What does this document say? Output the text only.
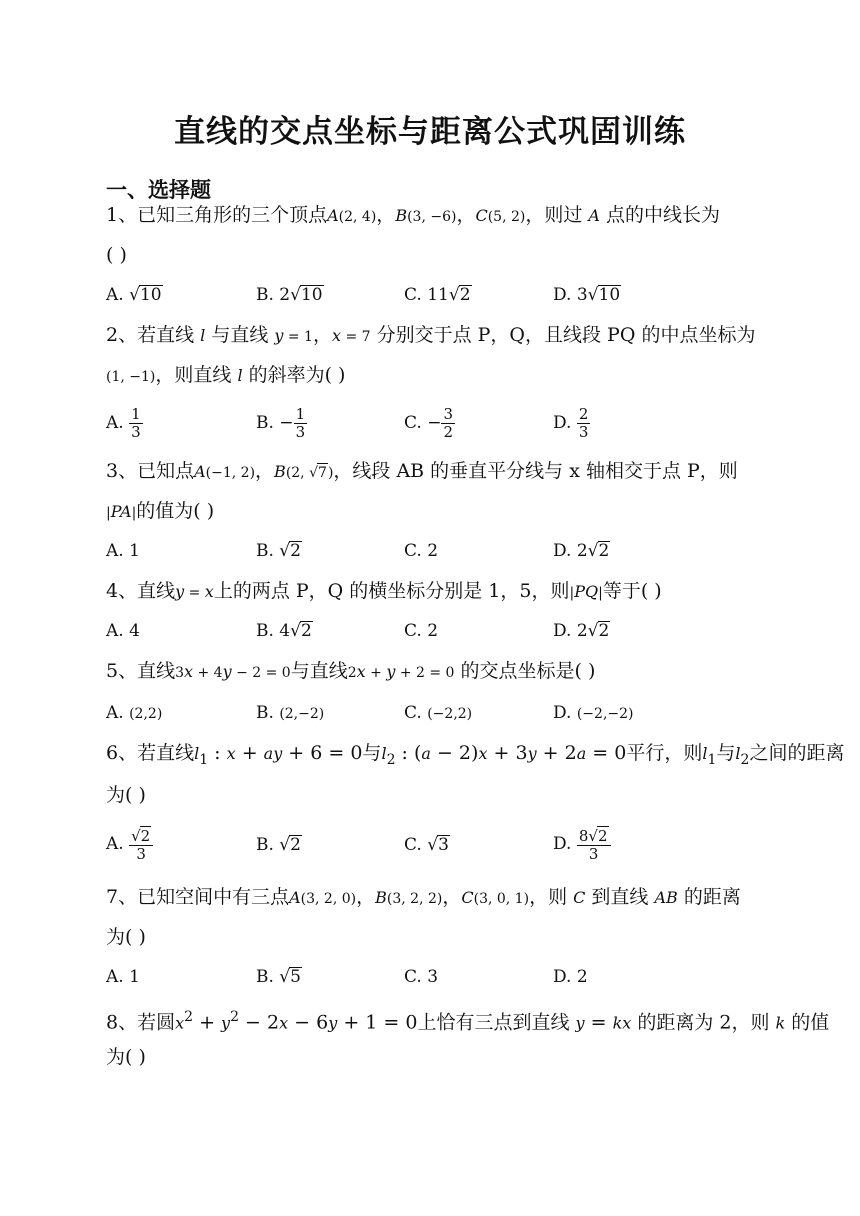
直线的交点坐标与距离公式巩固训练
一、选择题
1、已知三角形的三个顶点A(2, 4)，B(3, −6)，C(5, 2)，则过 A 点的中线长为
( )
A. √10	B. 2√10	C. 11√2	D. 3√10
2、若直线 l 与直线 y = 1，x = 7 分别交于点 P，Q，且线段 PQ 的中点坐标为
(1, −1)，则直线 l 的斜率为( )
A. $\frac{1}{3}$	B. − $\frac{1}{3}$	C. − $\frac{3}{2}$	D. $\frac{2}{3}$
3、已知点A(−1, 2)，B(2, √7)，线段 AB 的垂直平分线与 x 轴相交于点 P，则
|PA|的值为( )
A. 1	B. √2	C. 2	D. 2√2
4、直线y = x上的两点 P，Q 的横坐标分别是 1，5，则|PQ|等于( )
A. 4	B. 4√2	C. 2	D. 2√2
5、直线3x + 4y − 2 = 0与直线2x + y + 2 = 0 的交点坐标是( )
A. (2,2)	B. (2,−2)	C. (−2,2)	D. (−2,−2)
6、若直线$l_1$ : x + ay + 6 = 0与$l_2$ : (a − 2)x + 3y + 2a = 0平行，则$l_1$与$l_2$之间的距离
为( )
A. $\frac{√2}{3}$	B. √2	C. √3	D. $\frac{8√2}{3}$
7、已知空间中有三点A(3, 2, 0)，B(3, 2, 2)，C(3, 0, 1)，则 C 到直线 AB 的距离
为( )
A. 1	B. √5	C. 3	D. 2
8、若圆$x^2 + y^2 - 2x - 6y + 1 = 0$上恰有三点到直线 y = kx 的距离为 2，则 k 的值
为( )
